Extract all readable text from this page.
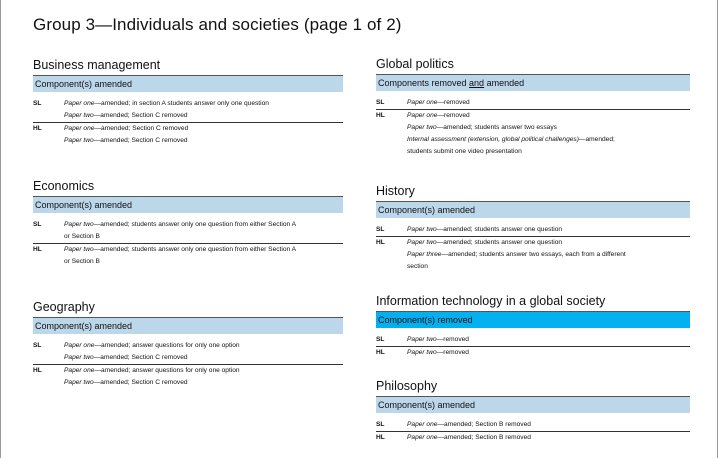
Group 3—Individuals and societies (page 1 of 2)
Business management
Component(s) amended
SL	Paper one—amended; in section A students answer only one question
Paper two—amended; Section C removed
HL	Paper one—amended; Section C removed
Paper two—amended; Section C removed
Economics
Component(s) amended
SL	Paper two—amended; students answer only one question from either Section A
or Section B
HL	Paper two—amended; students answer only one question from either Section A
or Section B
Geography
Component(s) amended
SL	Paper one—amended; answer questions for only one option
Paper two—amended; Section C removed
HL	Paper one—amended; answer questions for only one option
Paper two—amended; Section C removed
Global politics
Components removed and amended
SL	Paper one—removed
HL	Paper one—removed
Paper two—amended; students answer two essays
Internal assessment (extension, global political challenges)—amended;
students submit one video presentation
History
Component(s) amended
SL	Paper two—amended; students answer one question
HL	Paper two—amended; students answer one question
Paper three—amended; students answer two essays, each from a different
section
Information technology in a global society
Component(s) removed
SL	Paper two—removed
HL	Paper two—removed
Philosophy
Component(s) amended
SL	Paper one—amended; Section B removed
HL	Paper one—amended; Section B removed
